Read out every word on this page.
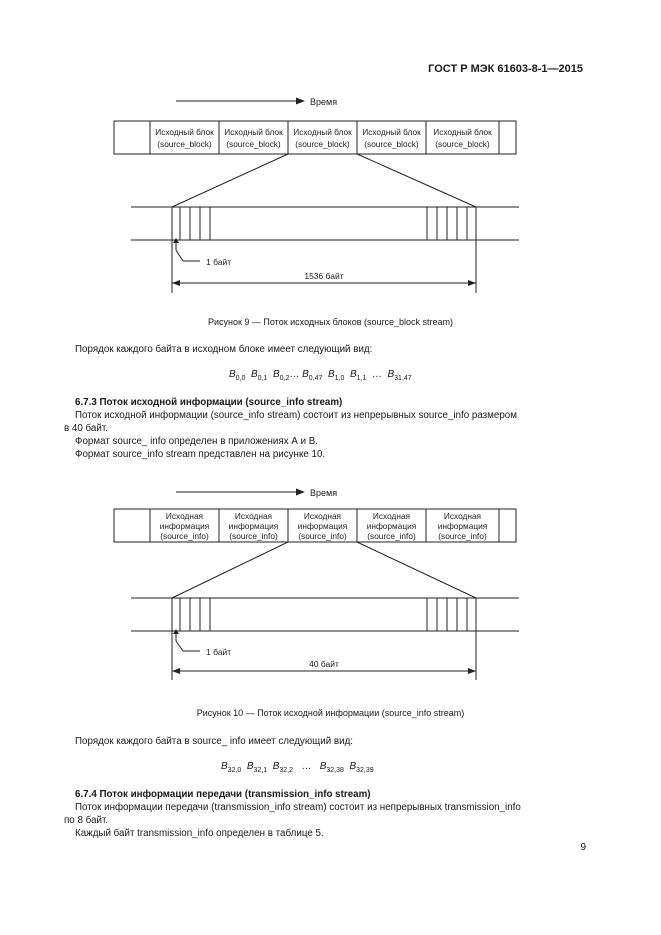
ГОСТ Р МЭК 61603-8-1—2015
Время
Исходный блок
(source_block)
Исходный блок
(source_block)
Исходный блок
(source_block)
Исходный блок
(source_block)
Исходный блок
(source_block)
1 байт
1536 байт
Рисунок 9 — Поток исходных блоков (source_block stream)
Порядок каждого байта в исходном блоке имеет следующий вид:
$B_{0,0}$ $B_{0,1}$ $B_{0,2}\dots$ $B_{0,47}$ $B_{1,0}$ $B_{1,1}$ … $B_{31,47}$
6.7.3 Поток исходной информации (source_info stream)
Поток исходной информации (source_info stream) состоит из непрерывных source_info размером
в 40 байт.
Формат source_ info определен в приложениях А и В.
Формат source_info stream представлен на рисунке 10.
Время
Исходная
информация
(source_info)
Исходная
информация
(source_info)
Исходная
информация
(source_info)
Исходная
информация
(source_info)
Исходная
информация
(source_info)
1 байт
40 байт
Рисунок 10 — Поток исходной информации (source_info stream)
Порядок каждого байта в source_ info имеет следующий вид:
$B_{32,0}$ $B_{32,1}$ $B_{32,2}$ … $B_{32,38}$ $B_{32,39}$
6.7.4 Поток информации передачи (transmission_info stream)
Поток информации передачи (transmission_info stream) состоит из непрерывных transmission_info
по 8 байт.
Каждый байт transmission_info определен в таблице 5.
9
